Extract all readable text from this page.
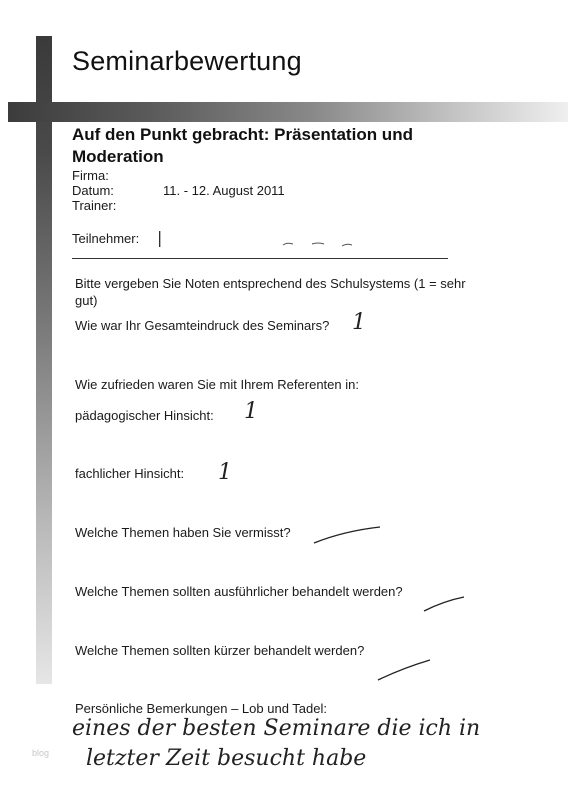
Seminarbewertung
Auf den Punkt gebracht: Präsentation und Moderation
Firma:
Datum:	11. - 12. August 2011
Trainer:
Teilnehmer: |
Bitte vergeben Sie Noten entsprechend des Schulsystems (1 = sehr gut)
Wie war Ihr Gesamteindruck des Seminars? 1
Wie zufrieden waren Sie mit Ihrem Referenten in:
pädagogischer Hinsicht: 1
fachlicher Hinsicht: 1
Welche Themen haben Sie vermisst?
Welche Themen sollten ausführlicher behandelt werden?
Welche Themen sollten kürzer behandelt werden?
Persönliche Bemerkungen – Lob und Tadel:
eines der besten Seminare die ich in
letzter Zeit besucht habe
blog
